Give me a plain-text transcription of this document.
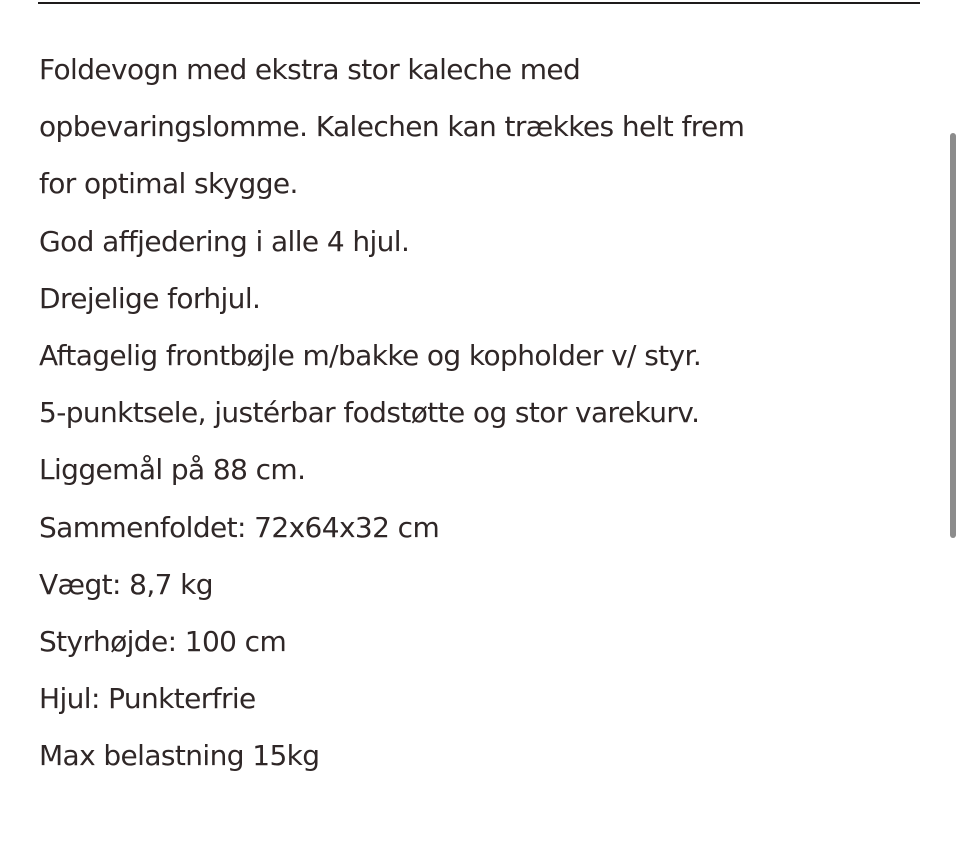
Foldevogn med ekstra stor kaleche med
opbevaringslomme. Kalechen kan trækkes helt frem
for optimal skygge.
God affjedering i alle 4 hjul.
Drejelige forhjul.
Aftagelig frontbøjle m/bakke og kopholder v/ styr.
5-punktsele, justérbar fodstøtte og stor varekurv.
Liggemål på 88 cm.
Sammenfoldet: 72x64x32 cm
Vægt: 8,7 kg
Styrhøjde: 100 cm
Hjul: Punkterfrie
Max belastning 15kg
